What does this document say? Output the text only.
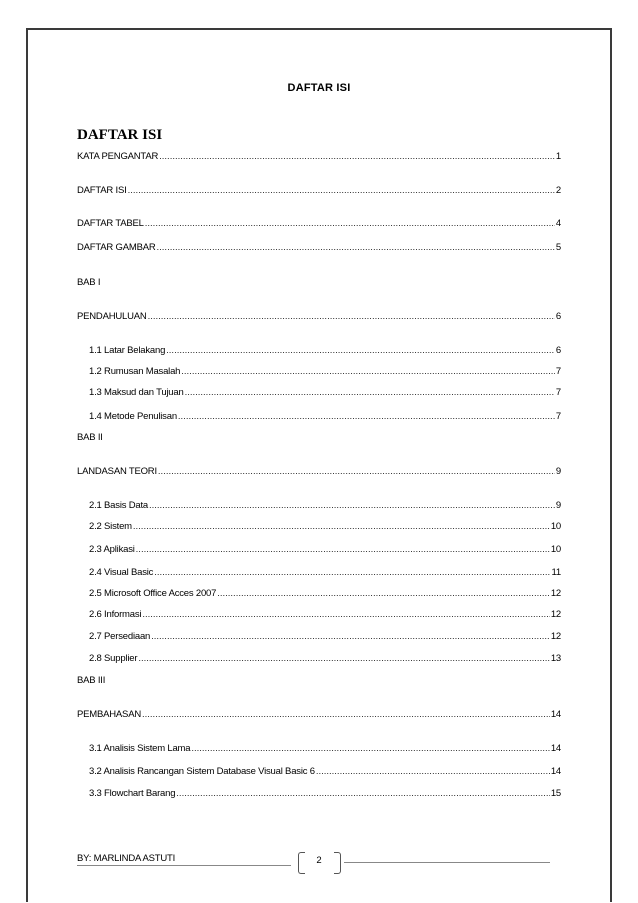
DAFTAR ISI
DAFTAR ISI
KATA PENGANTAR .....	1
DAFTAR ISI .....	2
DAFTAR TABEL .....	4
DAFTAR GAMBAR .....	5
BAB I
PENDAHULUAN .....	6
1.1 Latar Belakang .....	6
1.2 Rumusan Masalah .....	7
1.3 Maksud dan Tujuan .....	7
1.4 Metode Penulisan .....	7
BAB II
LANDASAN TEORI .....	9
2.1 Basis Data .....	9
2.2 Sistem .....	10
2.3 Aplikasi .....	10
2.4 Visual Basic .....	11
2.5 Microsoft Office Acces 2007 .....	12
2.6 Informasi .....	12
2.7 Persediaan .....	12
2.8 Supplier .....	13
BAB III
PEMBAHASAN .....	14
3.1 Analisis Sistem Lama .....	14
3.2 Analisis Rancangan Sistem Database Visual Basic 6 .....	14
3.3 Flowchart Barang .....	15
BY: MARLINDA ASTUTI	2
